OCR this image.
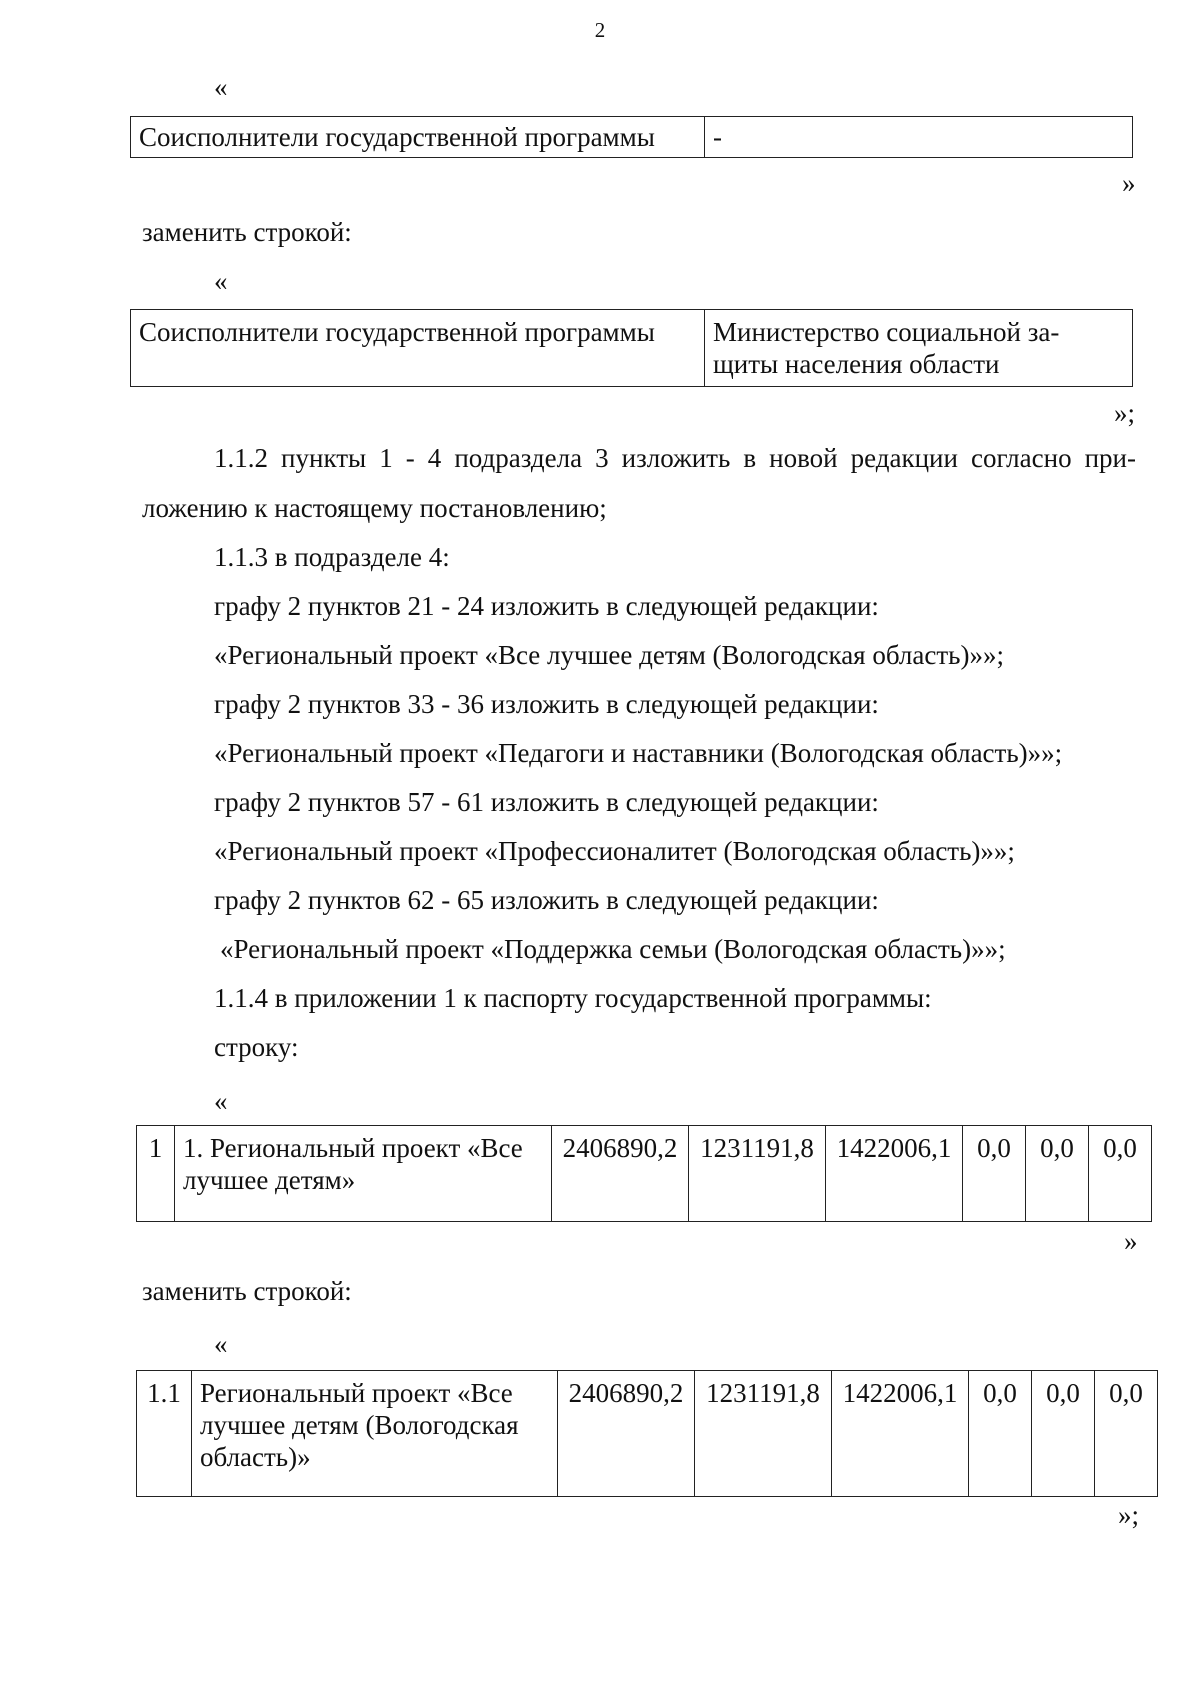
2
«
Соисполнители государственной программы	-
»
заменить строкой:
«
Соисполнители государственной программы	Министерство социальной за-
щиты населения области
»;
1.1.2 пункты 1 - 4 подраздела 3 изложить в новой редакции согласно при-
ложению к настоящему постановлению;
1.1.3 в подразделе 4:
графу 2 пунктов 21 - 24 изложить в следующей редакции:
«Региональный проект «Все лучшее детям (Вологодская область)»»;
графу 2 пунктов 33 - 36 изложить в следующей редакции:
«Региональный проект «Педагоги и наставники (Вологодская область)»»;
графу 2 пунктов 57 - 61 изложить в следующей редакции:
«Региональный проект «Профессионалитет (Вологодская область)»»;
графу 2 пунктов 62 - 65 изложить в следующей редакции:
«Региональный проект «Поддержка семьи (Вологодская область)»»;
1.1.4 в приложении 1 к паспорту государственной программы:
строку:
«
1	1. Региональный проект «Все лучшее детям»	2406890,2	1231191,8	1422006,1	0,0	0,0	0,0
»
заменить строкой:
«
1.1	Региональный проект «Все лучшее детям (Вологодская область)»	2406890,2	1231191,8	1422006,1	0,0	0,0	0,0
»;
